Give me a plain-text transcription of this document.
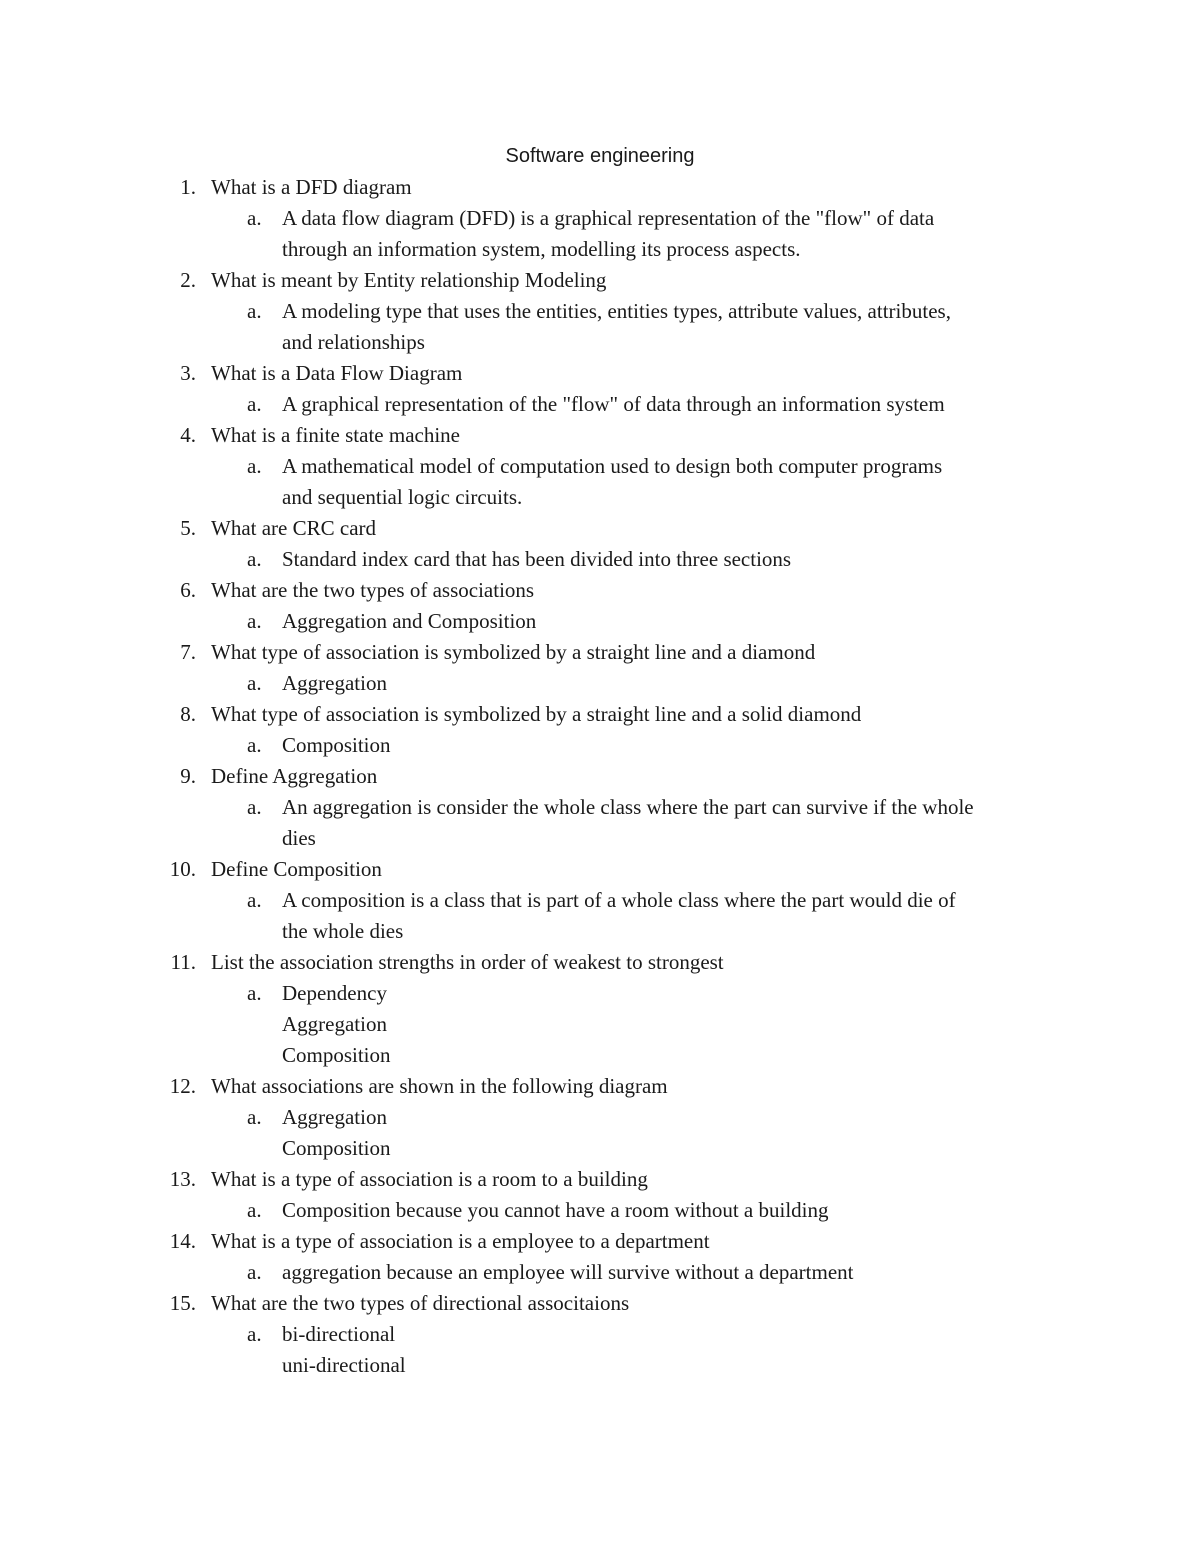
Software engineering
1. What is a DFD diagram
a. A data flow diagram (DFD) is a graphical representation of the "flow" of data
through an information system, modelling its process aspects.
2. What is meant by Entity relationship Modeling
a. A modeling type that uses the entities, entities types, attribute values, attributes,
and relationships
3. What is a Data Flow Diagram
a. A graphical representation of the "flow" of data through an information system
4. What is a finite state machine
a. A mathematical model of computation used to design both computer programs
and sequential logic circuits.
5. What are CRC card
a. Standard index card that has been divided into three sections
6. What are the two types of associations
a. Aggregation and Composition
7. What type of association is symbolized by a straight line and a diamond
a. Aggregation
8. What type of association is symbolized by a straight line and a solid diamond
a. Composition
9. Define Aggregation
a. An aggregation is consider the whole class where the part can survive if the whole
dies
10. Define Composition
a. A composition is a class that is part of a whole class where the part would die of
the whole dies
11. List the association strengths in order of weakest to strongest
a. Dependency
Aggregation
Composition
12. What associations are shown in the following diagram
a. Aggregation
Composition
13. What is a type of association is a room to a building
a. Composition because you cannot have a room without a building
14. What is a type of association is a employee to a department
a. aggregation because an employee will survive without a department
15. What are the two types of directional associtaions
a. bi-directional
uni-directional
